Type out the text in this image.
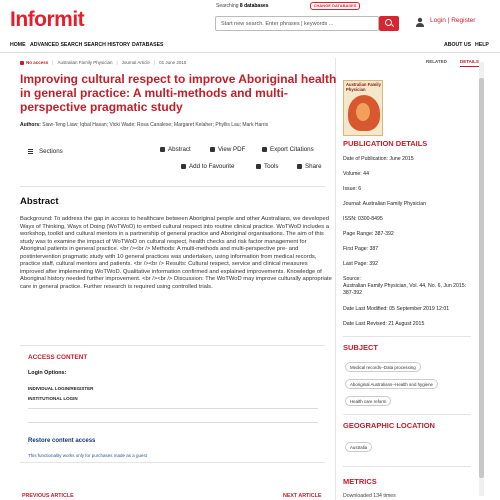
Informit
Searching 8 databases	CHANGE DATABASES
Start new search. Enter phrases | keywords ...	Login | Register
HOME ADVANCED SEARCH SEARCH HISTORY DATABASES	ABOUT US HELP
No access | Australian Family Physician | Journal Article | 01 June 2015	RELATED	DETAILS
Improving cultural respect to improve Aboriginal health in general practice: A multi-methods and multi-perspective pragmatic study
Authors: Siaw-Teng Liaw; Iqbal Hasan; Vicki Wade; Rosa Canalese; Margaret Kelaher; Phyllis Lau; Mark Harris
Sections	Abstract	View PDF	Export Citations
Add to Favourite	Tools	Share
Abstract
Background: To address the gap in access to healthcare between Aboriginal people and other Australians, we developed Ways of Thinking, Ways of Doing (WoTWoD) to embed cultural respect into routine clinical practice. WoTWoD includes a workshop, toolkit and cultural mentors in a partnership of general practice and Aboriginal organisations. The aim of this study was to examine the impact of WoTWoD on cultural respect, health checks and risk factor management for Aboriginal patients in general practice. <br /><br /> Methods: A multi-methods and multi-perspective pre- and postintervention pragmatic study with 10 general practices was undertaken, using information from medical records, practice staff, cultural mentors and patients. <br /><br /> Results: Cultural respect, service and clinical measures improved after implementing WoTWoD. Qualitative information confirmed and explained improvements. Knowledge of Aboriginal history needed further improvement. <br /><br /> Discussion: The WoTWoD may improve culturally appropriate care in general practice. Further research is required using controlled trials.
ACCESS CONTENT
Login Options:
INDIVIDUAL LOGIN/REGISTER
INSTITUTIONAL LOGIN
Restore content access
This functionality works only for purchases made as a guest
PREVIOUS ARTICLE	NEXT ARTICLE
Australian Family Physician
PUBLICATION DETAILS
Date of Publication: June 2015
Volume: 44
Issue: 6
Journal: Australian Family Physician
ISSN: 0300-8495
Page Range: 387-392
First Page: 387
Last Page: 392
Source:
Australian Family Physician, Vol. 44, No. 6, Jun 2015: 387-392
Date Last Modified: 05 September 2019 12:01
Date Last Revised: 21 August 2015
SUBJECT
Medical records--Data processing
Aboriginal Australians--Health and hygiene
Health care reform
GEOGRAPHIC LOCATION
Australia
METRICS
Downloaded 134 times
